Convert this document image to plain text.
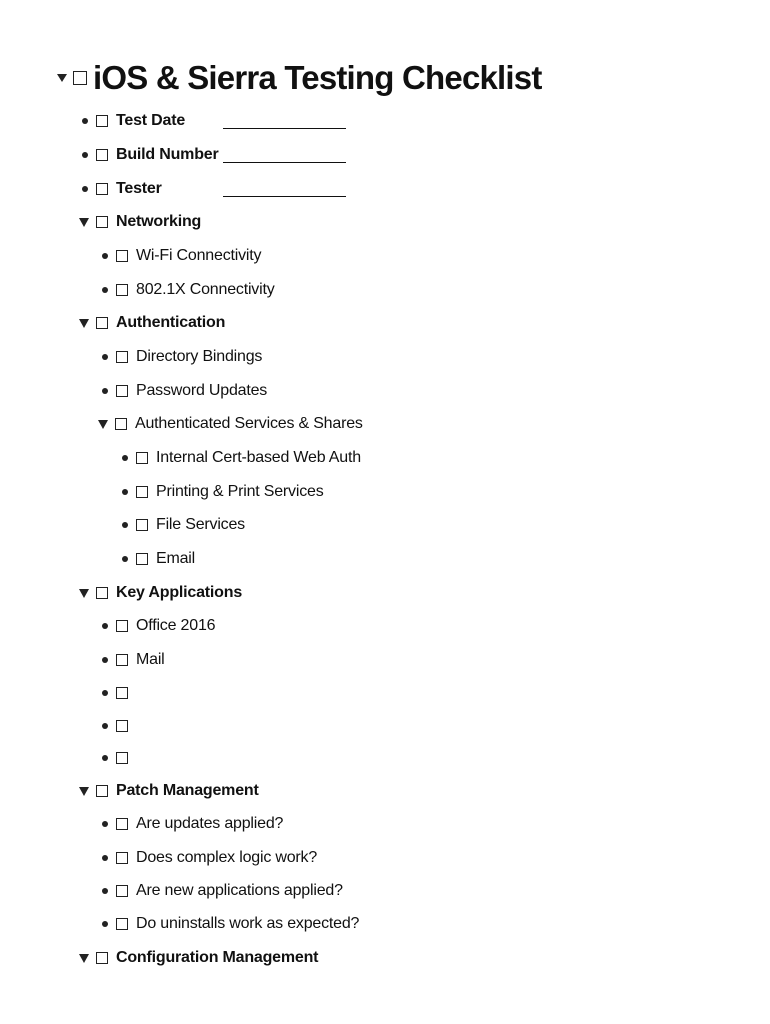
iOS & Sierra Testing Checklist
Test Date
Build Number
Tester
Networking
Wi-Fi Connectivity
802.1X Connectivity
Authentication
Directory Bindings
Password Updates
Authenticated Services & Shares
Internal Cert-based Web Auth
Printing & Print Services
File Services
Email
Key Applications
Office 2016
Mail
Patch Management
Are updates applied?
Does complex logic work?
Are new applications applied?
Do uninstalls work as expected?
Configuration Management
